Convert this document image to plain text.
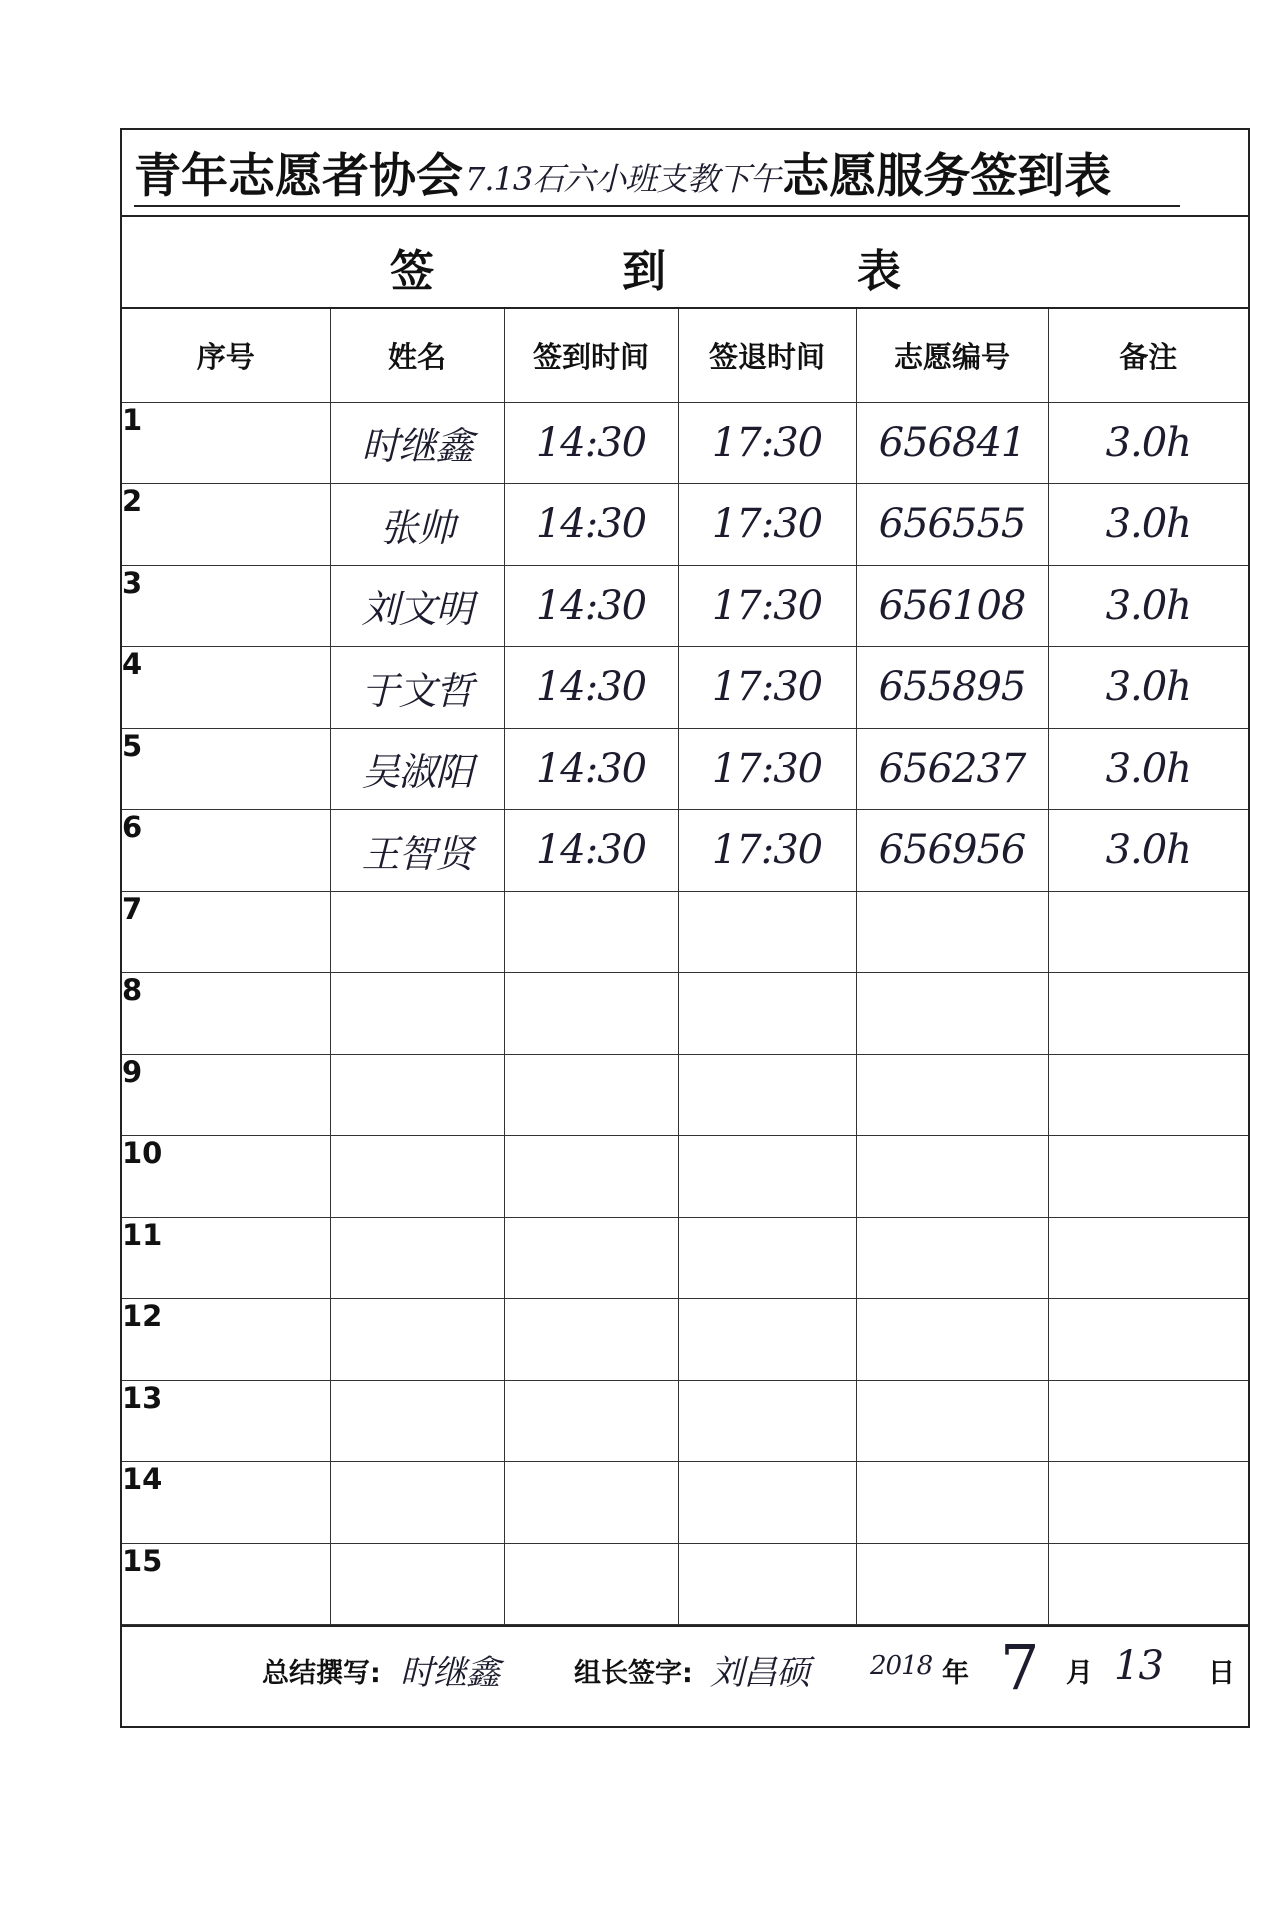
青年志愿者协会 7.13石六小班支教下午 志愿服务签到表
签	到	表
序号	姓名	签到时间	签退时间	志愿编号	备注
1	时继鑫	14:30	17:30	656841	3.0h
2	张帅	14:30	17:30	656555	3.0h
3	刘文明	14:30	17:30	656108	3.0h
4	于文哲	14:30	17:30	655895	3.0h
5	吴淑阳	14:30	17:30	656237	3.0h
6	王智贤	14:30	17:30	656956	3.0h
7					
8					
9					
10					
11					
12					
13					
14					
15					
总结撰写: 时继鑫	组长签字: 刘昌硕 2018 年 7 月 13 日
